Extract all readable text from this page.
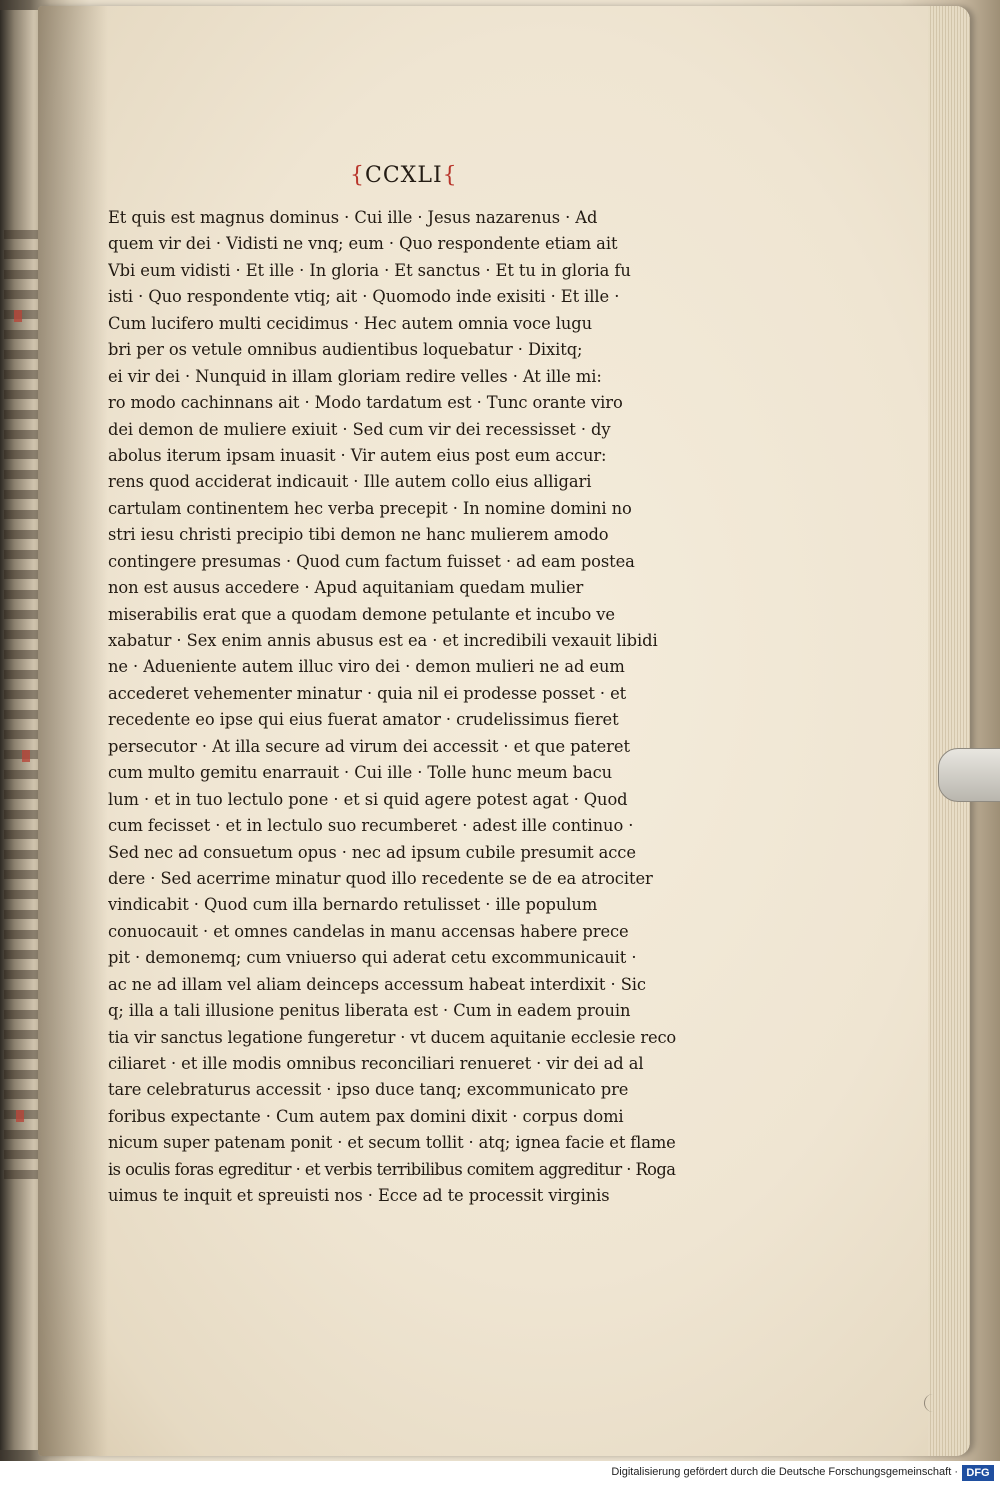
{CCXLI{
Et quis est magnus dominus · Cui ille · Jesus nazarenus · Ad
quem vir dei · Vidisti ne vnq; eum · Quo respondente etiam ait
Vbi eum vidisti · Et ille · In gloria · Et sanctus · Et tu in gloria fu
isti · Quo respondente vtiq; ait · Quomodo inde exisiti · Et ille ·
Cum lucifero multi cecidimus · Hec autem omnia voce lugu
bri per os vetule omnibus audientibus loquebatur · Dixitq;
ei vir dei · Nunquid in illam gloriam redire velles · At ille mi:
ro modo cachinnans ait · Modo tardatum est · Tunc orante viro
dei demon de muliere exiuit · Sed cum vir dei recessisset · dy
abolus iterum ipsam inuasit · Vir autem eius post eum accur:
rens quod acciderat indicauit · Ille autem collo eius alligari
cartulam continentem hec verba precepit · In nomine domini no
stri iesu christi precipio tibi demon ne hanc mulierem amodo
contingere presumas · Quod cum factum fuisset · ad eam postea
non est ausus accedere · Apud aquitaniam quedam mulier
miserabilis erat que a quodam demone petulante et incubo ve
xabatur · Sex enim annis abusus est ea · et incredibili vexauit libidi
ne · Adueniente autem illuc viro dei · demon mulieri ne ad eum
accederet vehementer minatur · quia nil ei prodesse posset · et
recedente eo ipse qui eius fuerat amator · crudelissimus fieret
persecutor · At illa secure ad virum dei accessit · et que pateret
cum multo gemitu enarrauit · Cui ille · Tolle hunc meum bacu
lum · et in tuo lectulo pone · et si quid agere potest agat · Quod
cum fecisset · et in lectulo suo recumberet · adest ille continuo ·
Sed nec ad consuetum opus · nec ad ipsum cubile presumit acce
dere · Sed acerrime minatur quod illo recedente se de ea atrociter
vindicabit · Quod cum illa bernardo retulisset · ille populum
conuocauit · et omnes candelas in manu accensas habere prece
pit · demonemq; cum vniuerso qui aderat cetu excommunicauit ·
ac ne ad illam vel aliam deinceps accessum habeat interdixit · Sic
q; illa a tali illusione penitus liberata est · Cum in eadem prouin
tia vir sanctus legatione fungeretur · vt ducem aquitanie ecclesie reco
ciliaret · et ille modis omnibus reconciliari renueret · vir dei ad al
tare celebraturus accessit · ipso duce tanq; excommunicato pre
foribus expectante · Cum autem pax domini dixit · corpus domi
nicum super patenam ponit · et secum tollit · atq; ignea facie et flame
is oculis foras egreditur · et verbis terribilibus comitem aggreditur · Roga
uimus te inquit et spreuisti nos · Ecce ad te processit virginis
Digitalisierung gefördert durch die Deutsche Forschungsgemeinschaft · DFG
